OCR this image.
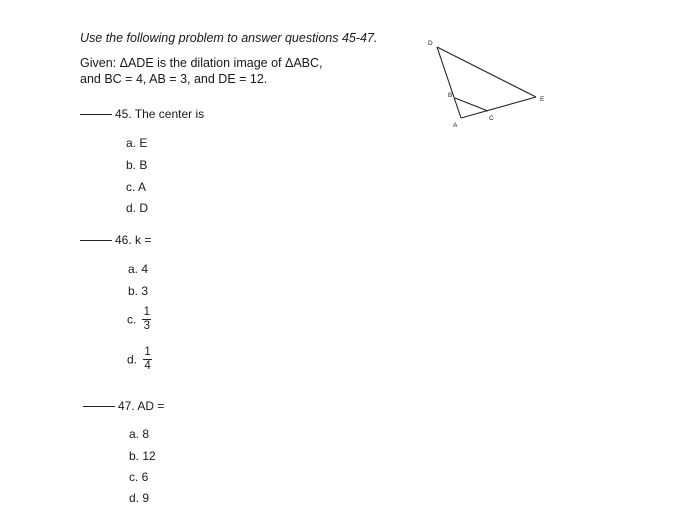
Use the following problem to answer questions 45-47.
Given: ΔADE is the dilation image of ΔABC,
and BC = 4, AB = 3, and DE = 12.
45. The center is
a. E
b. B
c. A
d. D
46. k =
a. 4
b. 3
c. $\frac{1}{3}$
d. $\frac{1}{4}$
47. AD =
a. 8
b. 12
c. 6
d. 9
D
B
E
A
C
